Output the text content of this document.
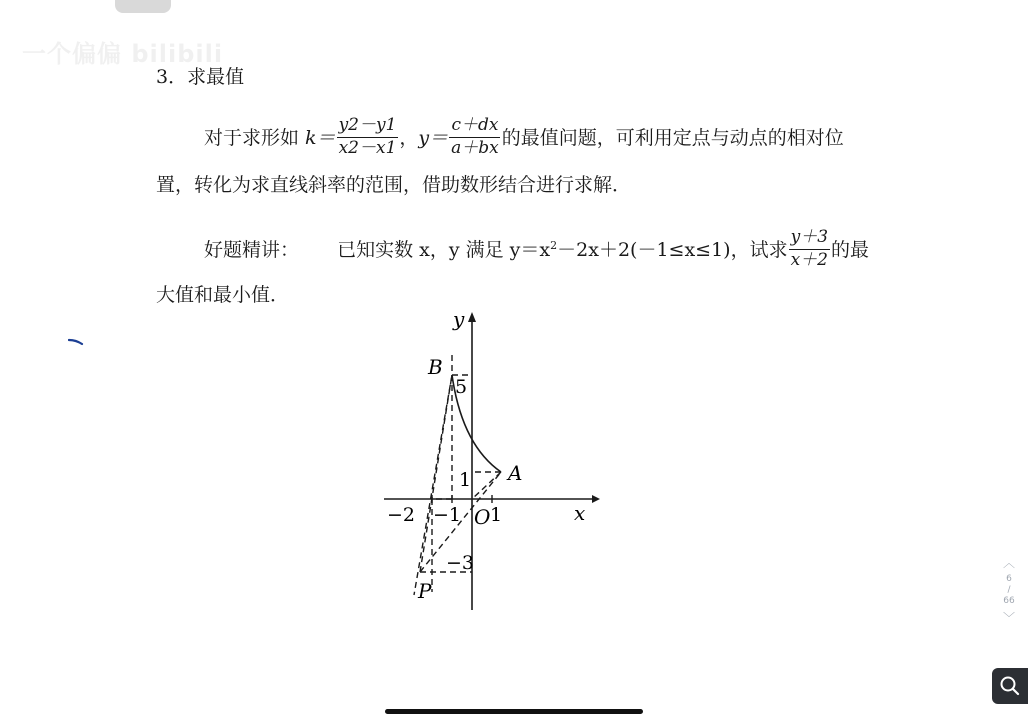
一个偏偏 bilibili
3．求最值
对于求形如 $k= \frac{y2-y1}{x2-x1}$ ，$y= \frac{c+dx}{a+bx}$ 的最值问题，可利用定点与动点的相对位
置，转化为求直线斜率的范围，借助数形结合进行求解．
好题精讲： 已知实数 x，y 满足 $y=x^2-2x+2(-1\le x\le 1)$，试求 $\frac{y+3}{x+2}$ 的最
大值和最小值．
y
x
B
A
P
O
5
1
−2 −1 1
−3	︿
6
/
66
﹀
